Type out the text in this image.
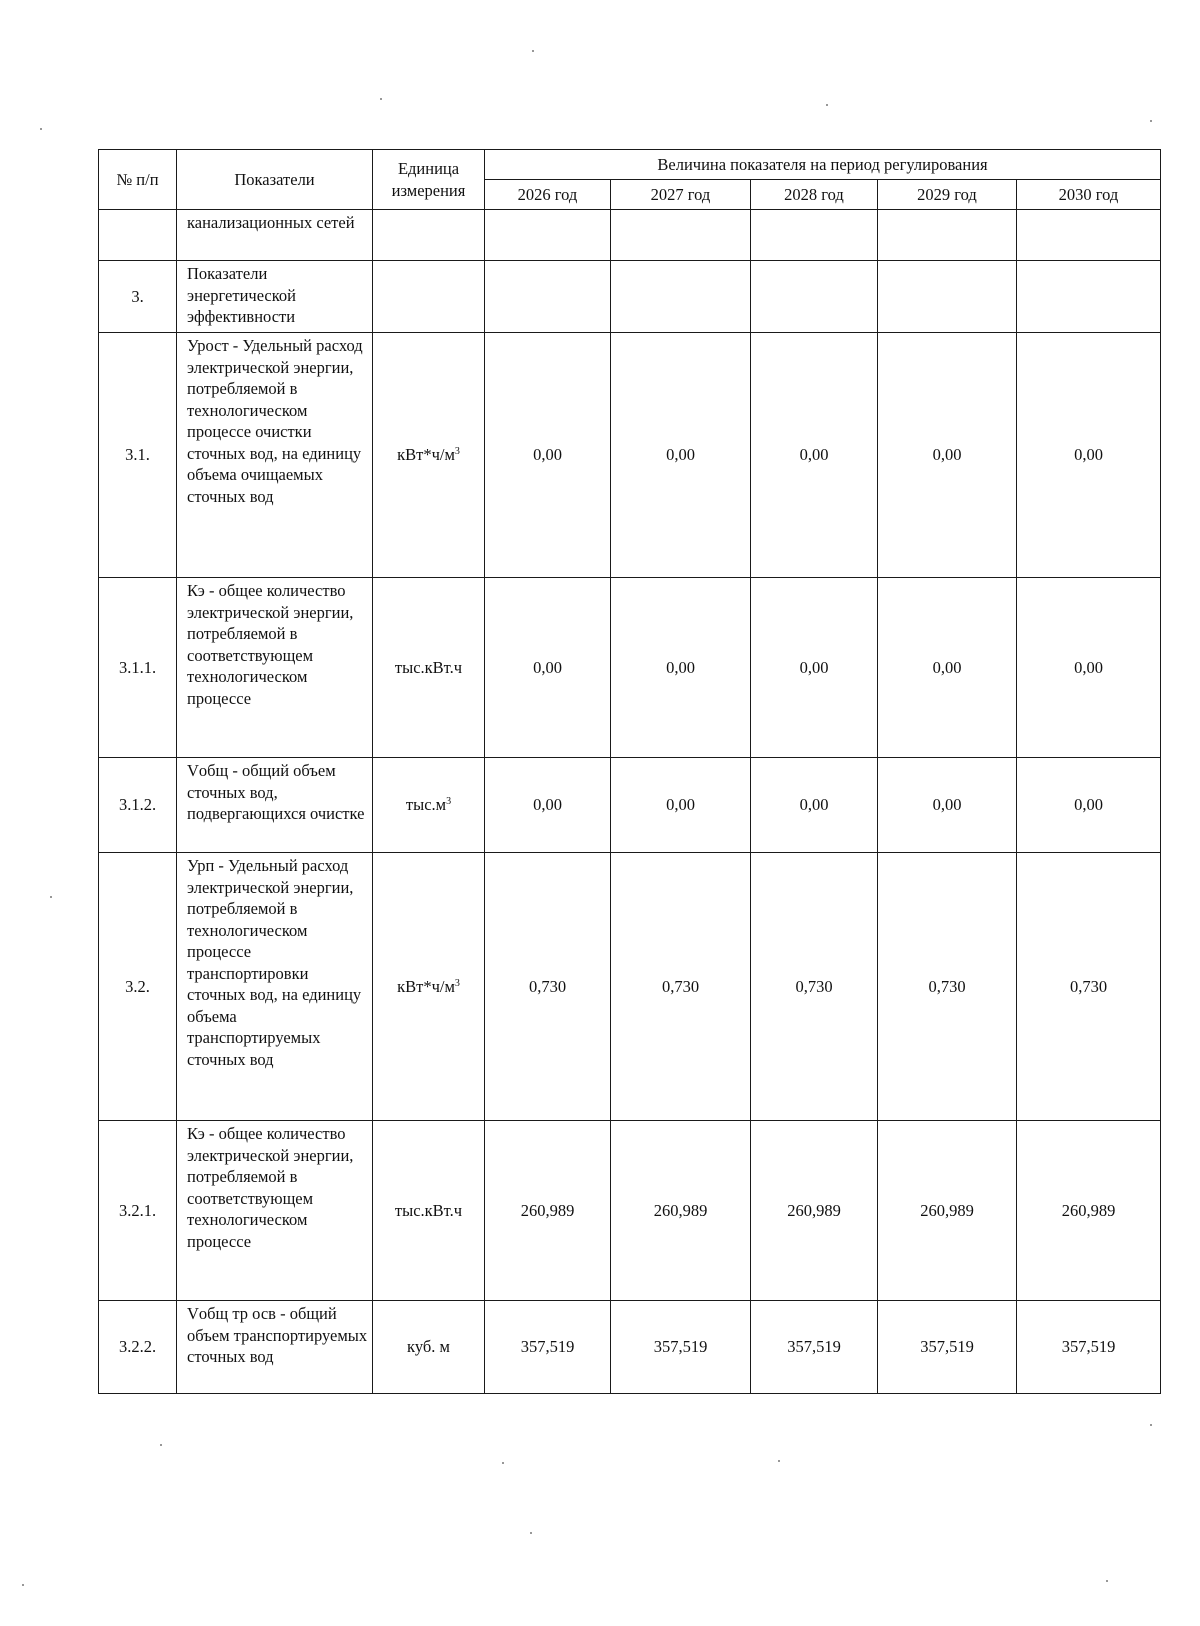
№ п/п	Показатели	Единица
измерения	Величина показателя на период регулирования				
			2026 год	2027 год	2028 год	2029 год	2030 год
	канализационных сетей						
3.	Показатели энергетической эффективности						
3.1.	Урост - Удельный расход электрической энергии, потребляемой в технологическом процессе очистки сточных вод, на единицу объема очищаемых сточных вод	$кВт*ч/м^3$	0,00	0,00	0,00	0,00	0,00
3.1.1.	Кэ - общее количество электрической энергии, потребляемой в соответствующем технологическом процессе	тыс.кВт.ч	0,00	0,00	0,00	0,00	0,00
3.1.2.	Vобщ - общий объем сточных вод, подвергающихся очистке	$тыс.м^3$	0,00	0,00	0,00	0,00	0,00
3.2.	Урп - Удельный расход электрической энергии, потребляемой в технологическом процессе транспортировки сточных вод, на единицу объема транспортируемых сточных вод	$кВт*ч/м^3$	0,730	0,730	0,730	0,730	0,730
3.2.1.	Кэ - общее количество электрической энергии, потребляемой в соответствующем технологическом процессе	тыс.кВт.ч	260,989	260,989	260,989	260,989	260,989
3.2.2.	Vобщ тр осв - общий объем транспортируемых сточных вод	куб. м	357,519	357,519	357,519	357,519	357,519
